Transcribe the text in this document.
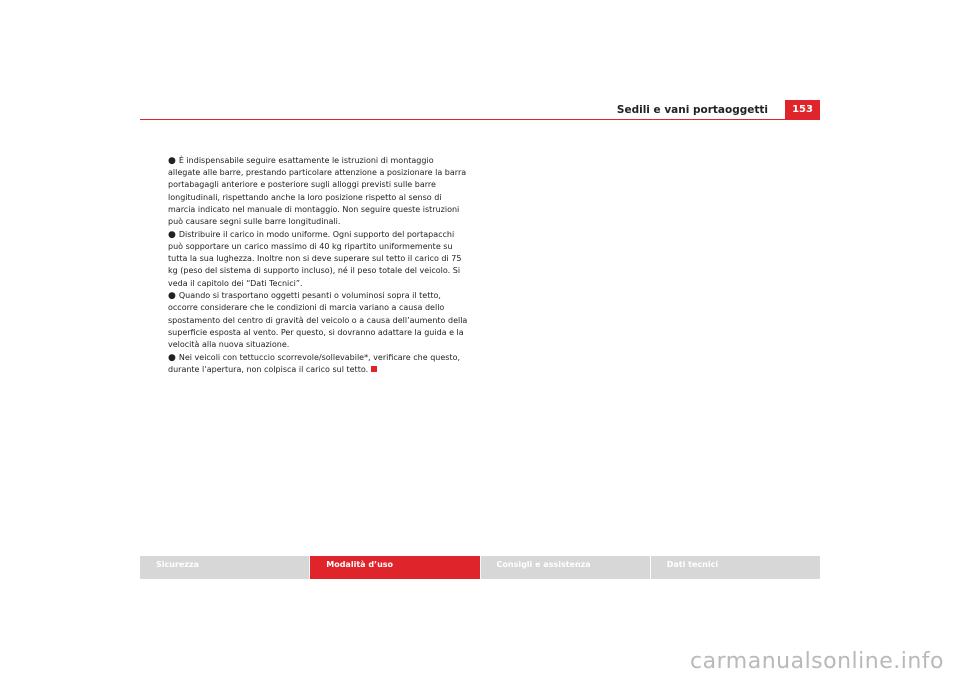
Sedili e vani portaoggetti	153

● È indispensabile seguire esattamente le istruzioni di montaggio allegate alle barre, prestando particolare attenzione a posizionare la barra portabagagli anteriore e posteriore sugli alloggi previsti sulle barre longitudinali, rispettando anche la loro posizione rispetto al senso di marcia indicato nel manuale di montaggio. Non seguire queste istruzioni può causare segni sulle barre longitudinali.

● Distribuire il carico in modo uniforme. Ogni supporto del portapacchi può sopportare un carico massimo di 40 kg ripartito uniformemente su tutta la sua lughezza. Inoltre non si deve superare sul tetto il carico di 75 kg (peso del sistema di supporto incluso), né il peso totale del veicolo. Si veda il capitolo dei “Dati Tecnici”.

● Quando si trasportano oggetti pesanti o voluminosi sopra il tetto, occorre considerare che le condizioni di marcia variano a causa dello spostamento del centro di gravità del veicolo o a causa dell’aumento della superficie esposta al vento. Per questo, si dovranno adattare la guida e la velocità alla nuova situazione.

● Nei veicoli con tettuccio scorrevole/sollevabile*, verificare che questo, durante l’apertura, non colpisca il carico sul tetto.

Sicurezza	Modalità d’uso	Consigli e assistenza	Dati tecnici
carmanualsonline.info
